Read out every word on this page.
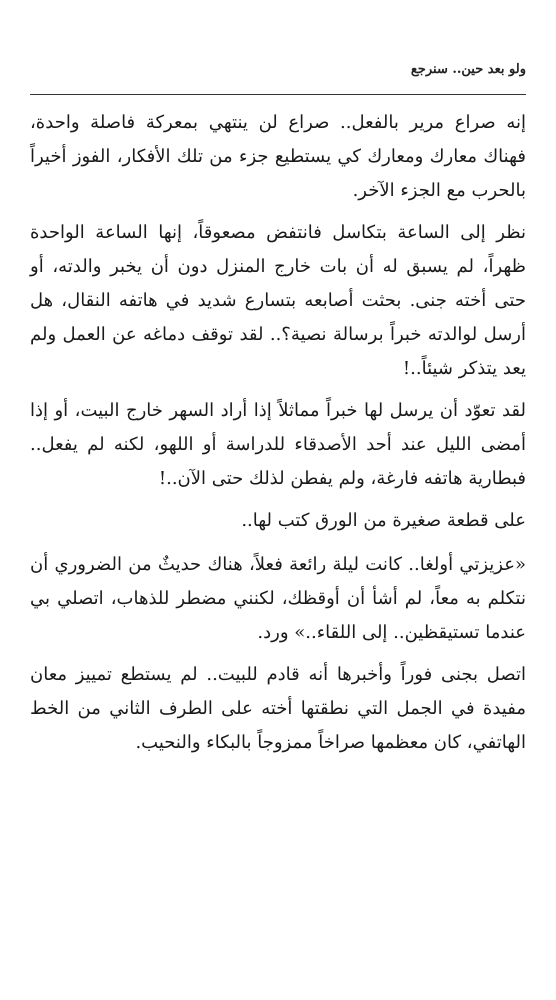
ولو بعد حين.. سنرجع

إنه صراع مرير بالفعل.. صراع لن ينتهي بمعركة فاصلة واحدة، فهناك معارك ومعارك كي يستطيع جزء من تلك الأفكار، الفوز أخيراً بالحرب مع الجزء الآخر.

نظر إلى الساعة بتكاسل فانتفض مصعوقاً، إنها الساعة الواحدة ظهراً، لم يسبق له أن بات خارج المنزل دون أن يخبر والدته، أو حتى أخته جنى. بحثت أصابعه بتسارع شديد في هاتفه النقال، هل أرسل لوالدته خبراً برسالة نصية؟.. لقد توقف دماغه عن العمل ولم يعد يتذكر شيئاً..!

لقد تعوّد أن يرسل لها خبراً مماثلاً إذا أراد السهر خارج البيت، أو إذا أمضى الليل عند أحد الأصدقاء للدراسة أو اللهو، لكنه لم يفعل.. فبطارية هاتفه فارغة، ولم يفطن لذلك حتى الآن..!

على قطعة صغيرة من الورق كتب لها..

«عزيزتي أولغا.. كانت ليلة رائعة فعلاً، هناك حديثٌ من الضروري أن نتكلم به معاً، لم أشأ أن أوقظك، لكنني مضطر للذهاب، اتصلي بي عندما تستيقظين.. إلى اللقاء..» ورد.

اتصل بجنى فوراً وأخبرها أنه قادم للبيت.. لم يستطع تمييز معان مفيدة في الجمل التي نطقتها أخته على الطرف الثاني من الخط الهاتفي، كان معظمها صراخاً ممزوجاً بالبكاء والنحيب.
